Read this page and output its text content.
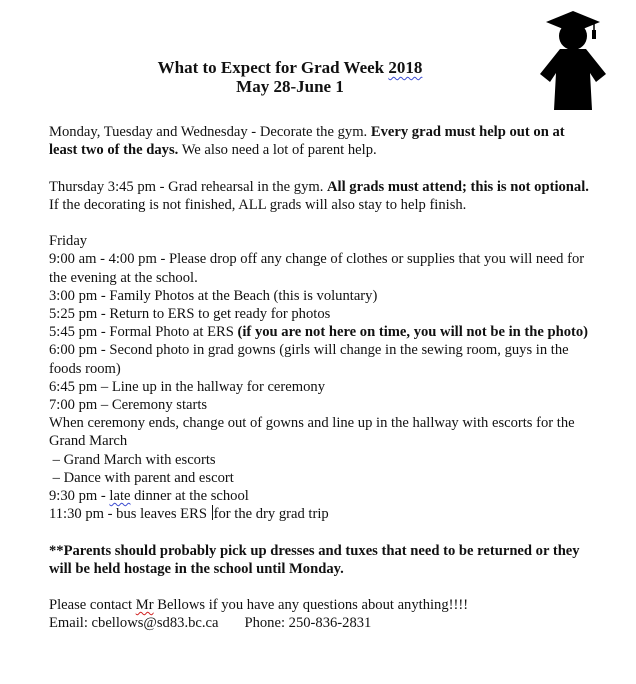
What to Expect for Grad Week 2018
May 28-June 1

Monday, Tuesday and Wednesday - Decorate the gym. Every grad must help out on at least two of the days. We also need a lot of parent help.

Thursday 3:45 pm - Grad rehearsal in the gym. All grads must attend; this is not optional. If the decorating is not finished, ALL grads will also stay to help finish.

Friday

9:00 am - 4:00 pm - Please drop off any change of clothes or supplies that you will need for the evening at the school.

3:00 pm - Family Photos at the Beach (this is voluntary)

5:25 pm - Return to ERS to get ready for photos

5:45 pm - Formal Photo at ERS (if you are not here on time, you will not be in the photo)

6:00 pm - Second photo in grad gowns (girls will change in the sewing room, guys in the foods room)

6:45 pm – Line up in the hallway for ceremony

7:00 pm – Ceremony starts

When ceremony ends, change out of gowns and line up in the hallway with escorts for the Grand March

– Grand March with escorts

– Dance with parent and escort

9:30 pm - late dinner at the school

11:30 pm - bus leaves ERS for the dry grad trip

**Parents should probably pick up dresses and tuxes that need to be returned or they will be held hostage in the school until Monday.

Please contact Mr Bellows if you have any questions about anything!!!!

Email: cbellows@sd83.bc.ca Phone: 250-836-2831
